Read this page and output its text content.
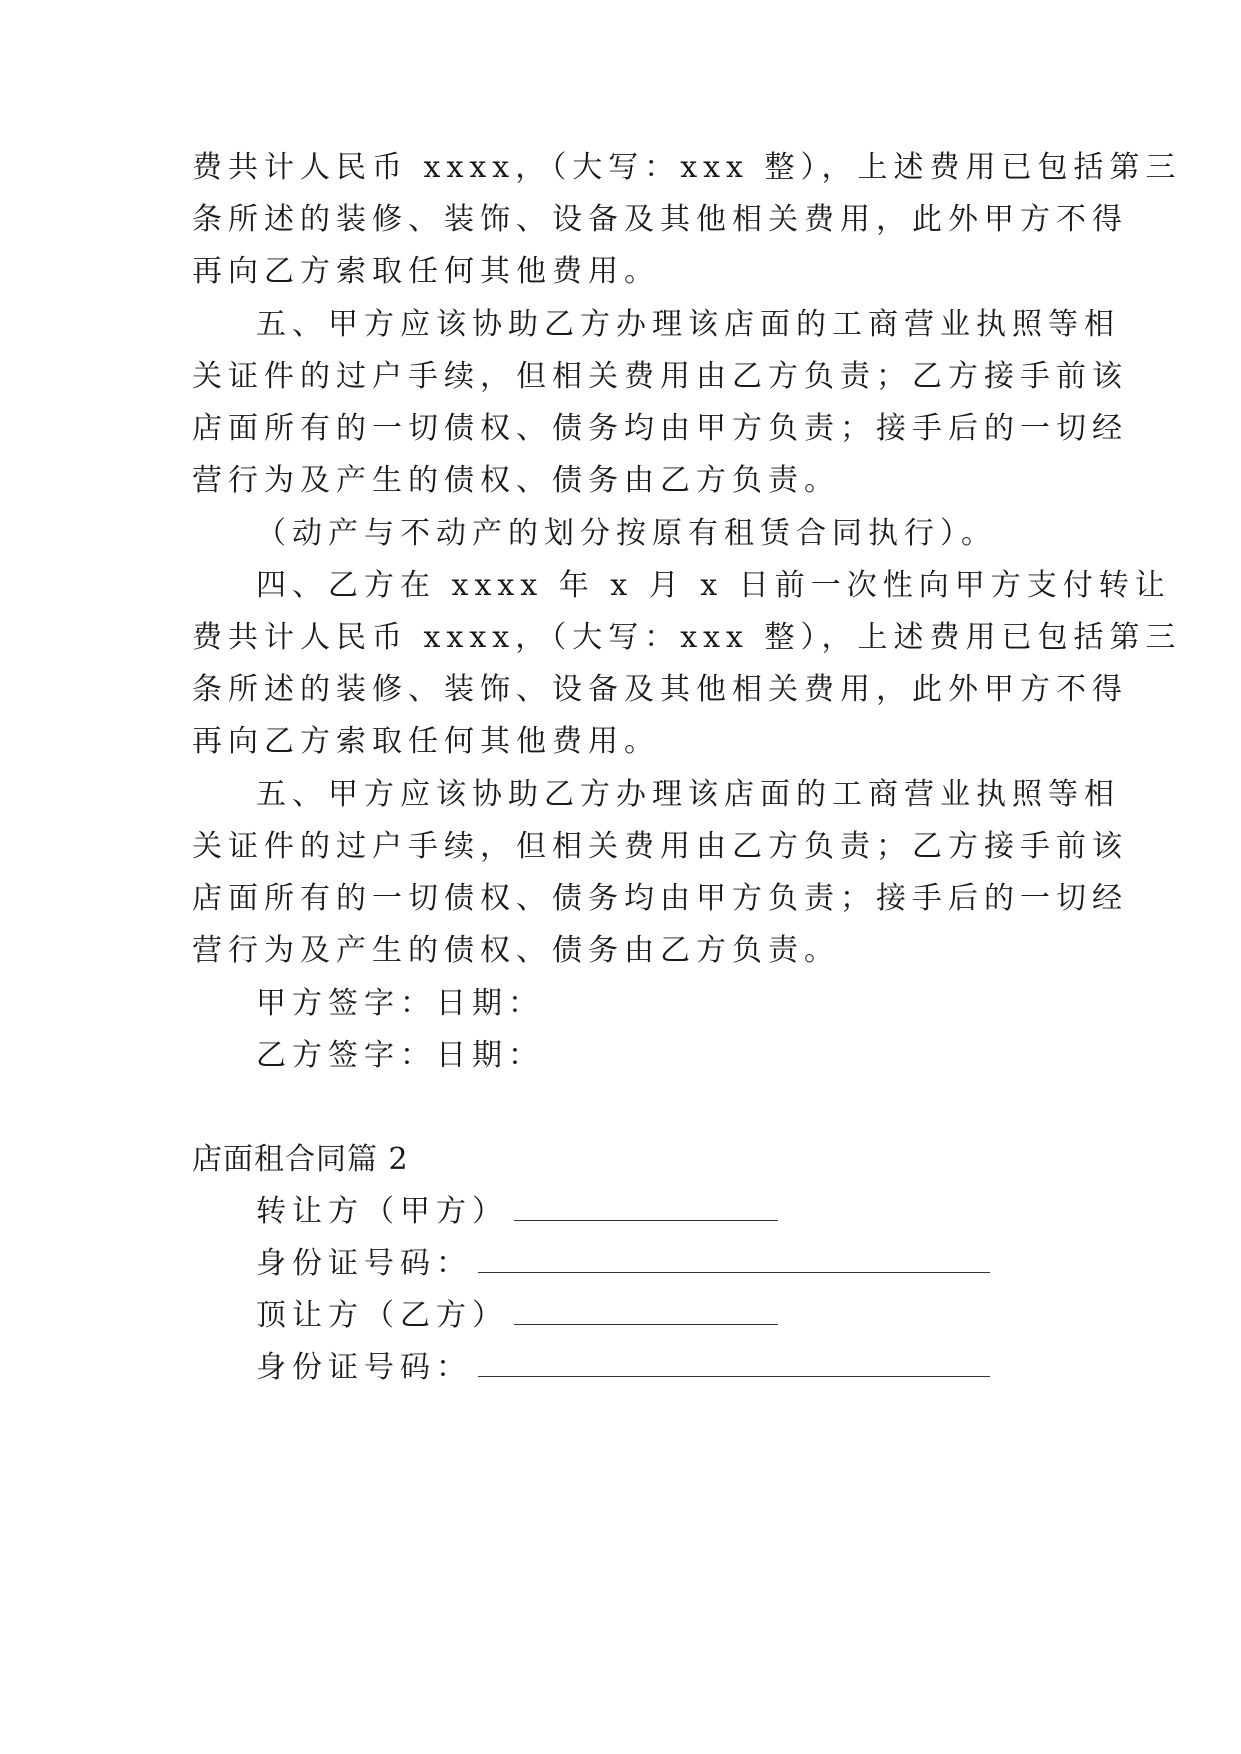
费共计人民币 xxxx，（大写：xxx 整），上述费用已包括第三
条所述的装修、装饰、设备及其他相关费用，此外甲方不得
再向乙方索取任何其他费用。
五、甲方应该协助乙方办理该店面的工商营业执照等相
关证件的过户手续，但相关费用由乙方负责；乙方接手前该
店面所有的一切债权、债务均由甲方负责；接手后的一切经
营行为及产生的债权、债务由乙方负责。
（动产与不动产的划分按原有租赁合同执行）。
四、乙方在 xxxx 年 x 月 x 日前一次性向甲方支付转让
费共计人民币 xxxx，（大写：xxx 整），上述费用已包括第三
条所述的装修、装饰、设备及其他相关费用，此外甲方不得
再向乙方索取任何其他费用。
五、甲方应该协助乙方办理该店面的工商营业执照等相
关证件的过户手续，但相关费用由乙方负责；乙方接手前该
店面所有的一切债权、债务均由甲方负责；接手后的一切经
营行为及产生的债权、债务由乙方负责。
甲方签字：日期：
乙方签字：日期：
店面租合同篇 2
转让方（甲方）
身份证号码：
顶让方（乙方）
身份证号码：
